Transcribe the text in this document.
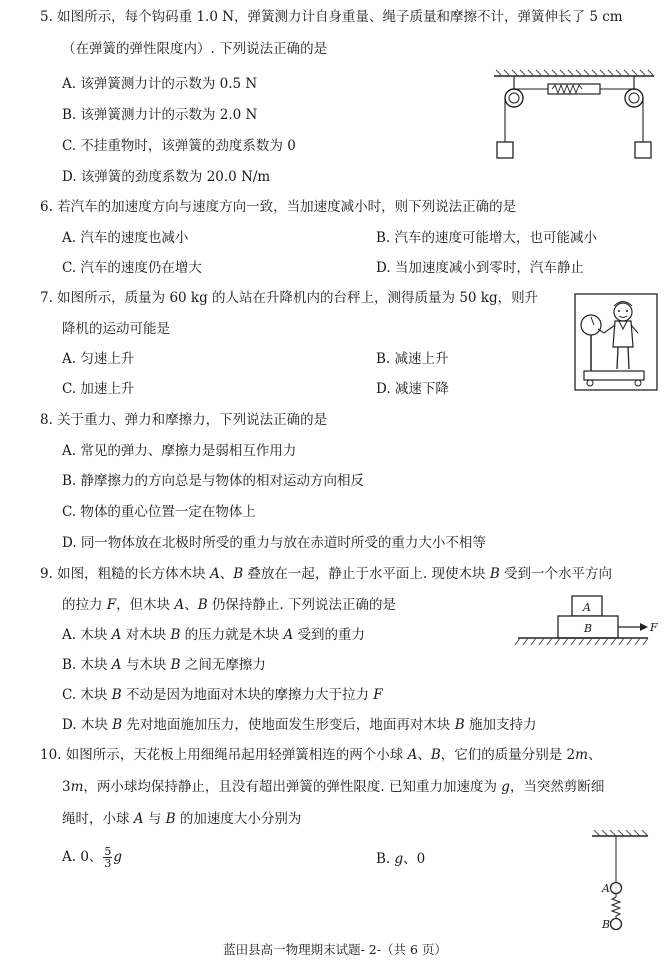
5. 如图所示，每个钩码重 1.0 N，弹簧测力计自身重量、绳子质量和摩擦不计，弹簧伸长了 5 cm
（在弹簧的弹性限度内）. 下列说法正确的是
A. 该弹簧测力计的示数为 0.5 N
B. 该弹簧测力计的示数为 2.0 N
C. 不挂重物时，该弹簧的劲度系数为 0
D. 该弹簧的劲度系数为 20.0 N/m
6. 若汽车的加速度方向与速度方向一致，当加速度减小时，则下列说法正确的是
A. 汽车的速度也减小	B. 汽车的速度可能增大，也可能减小
C. 汽车的速度仍在增大	D. 当加速度减小到零时，汽车静止
7. 如图所示，质量为 60 kg 的人站在升降机内的台秤上，测得质量为 50 kg，则升
降机的运动可能是
A. 匀速上升	B. 减速上升
C. 加速上升	D. 减速下降
8. 关于重力、弹力和摩擦力，下列说法正确的是
A. 常见的弹力、摩擦力是弱相互作用力
B. 静摩擦力的方向总是与物体的相对运动方向相反
C. 物体的重心位置一定在物体上
D. 同一物体放在北极时所受的重力与放在赤道时所受的重力大小不相等
9. 如图，粗糙的长方体木块 A、B 叠放在一起，静止于水平面上. 现使木块 B 受到一个水平方向
的拉力 F，但木块 A、B 仍保持静止. 下列说法正确的是
A. 木块 A 对木块 B 的压力就是木块 A 受到的重力
B. 木块 A 与木块 B 之间无摩擦力
C. 木块 B 不动是因为地面对木块的摩擦力大于拉力 F
D. 木块 B 先对地面施加压力，使地面发生形变后，地面再对木块 B 施加支持力
A
B	F
10. 如图所示，天花板上用细绳吊起用轻弹簧相连的两个小球 A、B，它们的质量分别是 2m、
3m，两小球均保持静止，且没有超出弹簧的弹性限度. 已知重力加速度为 g，当突然剪断细
绳时，小球 A 与 B 的加速度大小分别为
A. 0、 $\frac{5}{3}$ g	B. g、0
A
B
蓝田县高一物理期末试题- 2-（共 6 页）
